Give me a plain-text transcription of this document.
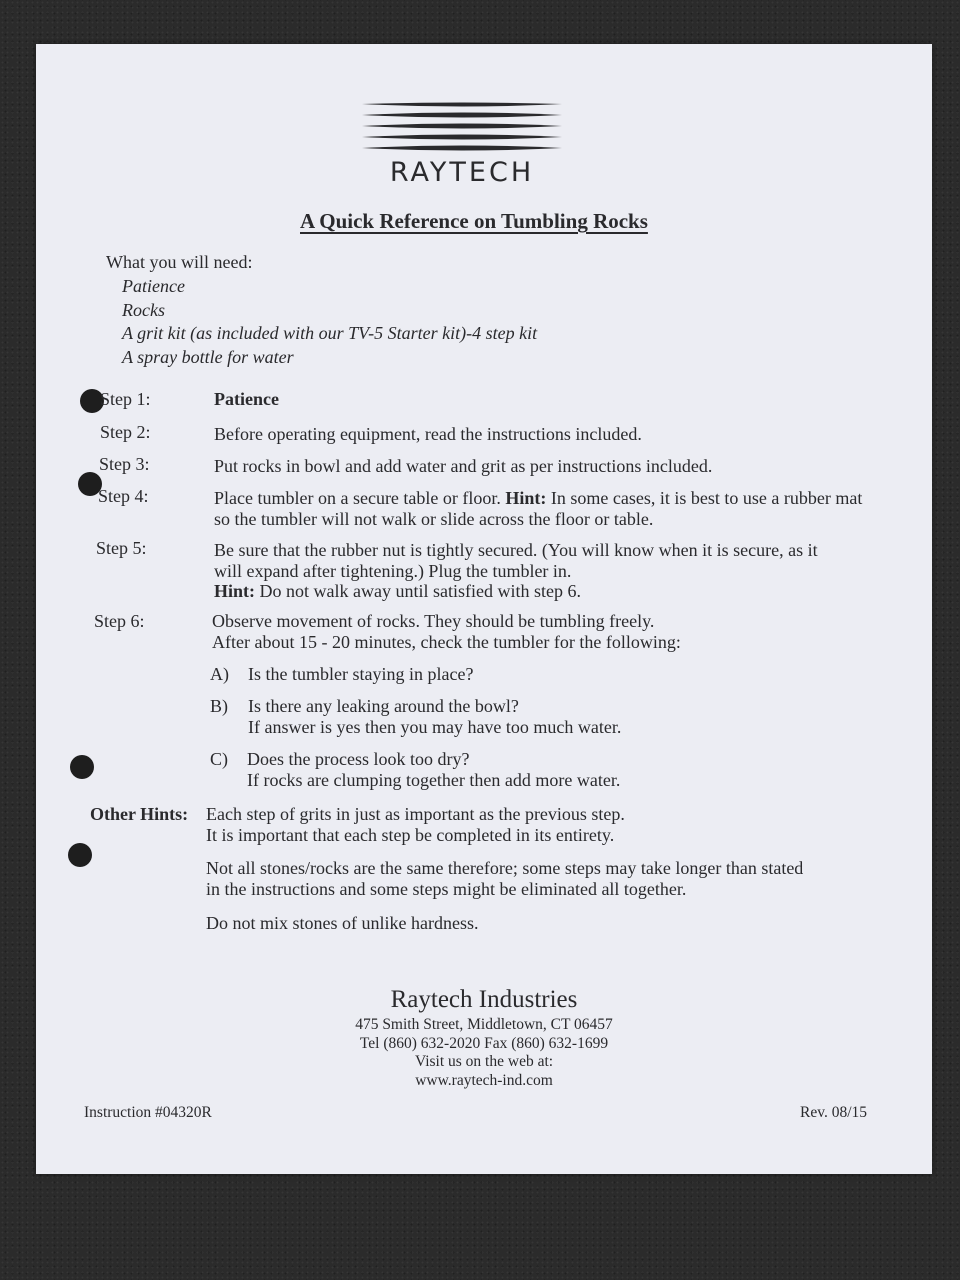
RAYTECH
A Quick Reference on Tumbling Rocks
What you will need:
Patience
Rocks
A grit kit (as included with our TV-5 Starter kit)-4 step kit
A spray bottle for water
Step 1:	Patience
Step 2:	Before operating equipment, read the instructions included.
Step 3:	Put rocks in bowl and add water and grit as per instructions included.
Step 4:	Place tumbler on a secure table or floor. Hint: In some cases, it is best to use a rubber mat so the tumbler will not walk or slide across the floor or table.
Step 5:	Be sure that the rubber nut is tightly secured. (You will know when it is secure, as it
will expand after tightening.) Plug the tumbler in.
Hint: Do not walk away until satisfied with step 6.
Step 6:	Observe movement of rocks. They should be tumbling freely.
After about 15 - 20 minutes, check the tumbler for the following:
A) Is the tumbler staying in place?
B) Is there any leaking around the bowl?
If answer is yes then you may have too much water.
C) Does the process look too dry?
If rocks are clumping together then add more water.
Other Hints: Each step of grits in just as important as the previous step.
It is important that each step be completed in its entirety.
Not all stones/rocks are the same therefore; some steps may take longer than stated
in the instructions and some steps might be eliminated all together.
Do not mix stones of unlike hardness.
Raytech Industries
475 Smith Street, Middletown, CT 06457
Tel (860) 632-2020 Fax (860) 632-1699
Visit us on the web at:
www.raytech-ind.com
Instruction #04320R	Rev. 08/15
